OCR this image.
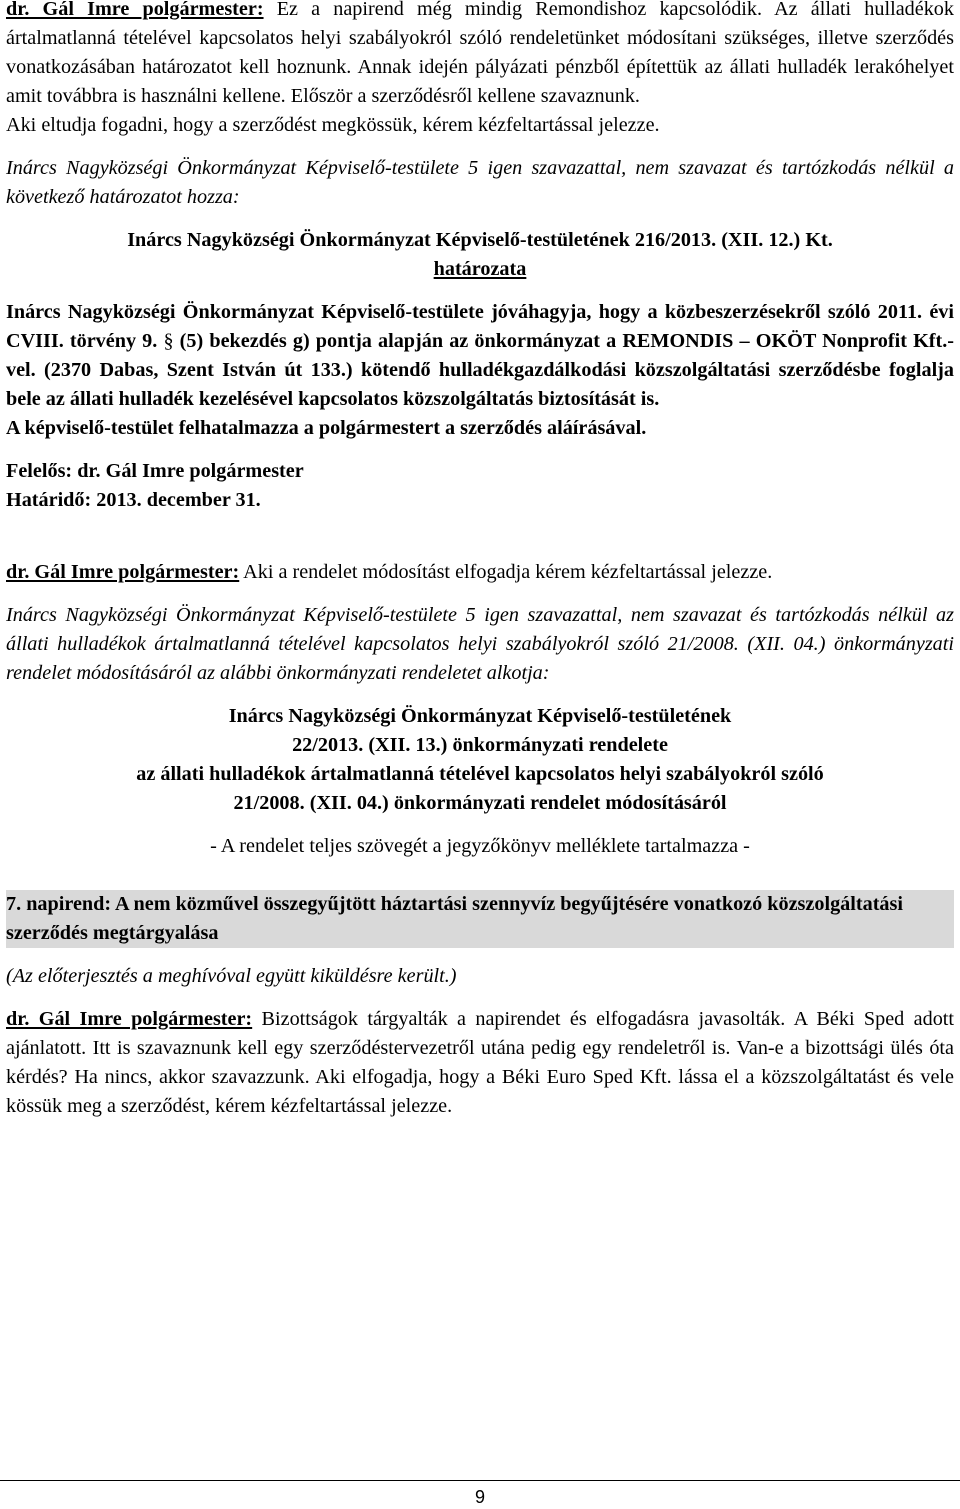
dr. Gál Imre polgármester: Ez a napirend még mindig Remondishoz kapcsolódik. Az állati hulladékok ártalmatlanná tételével kapcsolatos helyi szabályokról szóló rendeletünket módosítani szükséges, illetve szerződés vonatkozásában határozatot kell hoznunk. Annak idején pályázati pénzből építettük az állati hulladék lerakóhelyet amit továbbra is használni kellene. Először a szerződésről kellene szavaznunk.

Aki eltudja fogadni, hogy a szerződést megkössük, kérem kézfeltartással jelezze.

Inárcs Nagyközségi Önkormányzat Képviselő-testülete 5 igen szavazattal, nem szavazat és tartózkodás nélkül a következő határozatot hozza:

Inárcs Nagyközségi Önkormányzat Képviselő-testületének 216/2013. (XII. 12.) Kt.

határozata

Inárcs Nagyközségi Önkormányzat Képviselő-testülete jóváhagyja, hogy a közbeszerzésekről szóló 2011. évi CVIII. törvény 9. § (5) bekezdés g) pontja alapján az önkormányzat a REMONDIS – OKÖT Nonprofit Kft.-vel. (2370 Dabas, Szent István út 133.) kötendő hulladékgazdálkodási közszolgáltatási szerződésbe foglalja bele az állati hulladék kezelésével kapcsolatos közszolgáltatás biztosítását is.

A képviselő-testület felhatalmazza a polgármestert a szerződés aláírásával.

Felelős: dr. Gál Imre polgármester

Határidő: 2013. december 31.

dr. Gál Imre polgármester: Aki a rendelet módosítást elfogadja kérem kézfeltartással jelezze.

Inárcs Nagyközségi Önkormányzat Képviselő-testülete 5 igen szavazattal, nem szavazat és tartózkodás nélkül az állati hulladékok ártalmatlanná tételével kapcsolatos helyi szabályokról szóló 21/2008. (XII. 04.) önkormányzati rendelet módosításáról az alábbi önkormányzati rendeletet alkotja:

Inárcs Nagyközségi Önkormányzat Képviselő-testületének

22/2013. (XII. 13.) önkormányzati rendelete

az állati hulladékok ártalmatlanná tételével kapcsolatos helyi szabályokról szóló

21/2008. (XII. 04.) önkormányzati rendelet módosításáról

- A rendelet teljes szövegét a jegyzőkönyv melléklete tartalmazza -

7. napirend: A nem közművel összegyűjtött háztartási szennyvíz begyűjtésére vonatkozó közszolgáltatási szerződés megtárgyalása

(Az előterjesztés a meghívóval együtt kiküldésre került.)

dr. Gál Imre polgármester: Bizottságok tárgyalták a napirendet és elfogadásra javasolták. A Béki Sped adott ajánlatott. Itt is szavaznunk kell egy szerződéstervezetről utána pedig egy rendeletről is. Van-e a bizottsági ülés óta kérdés? Ha nincs, akkor szavazzunk. Aki elfogadja, hogy a Béki Euro Sped Kft. lássa el a közszolgáltatást és vele kössük meg a szerződést, kérem kézfeltartással jelezze.

9
